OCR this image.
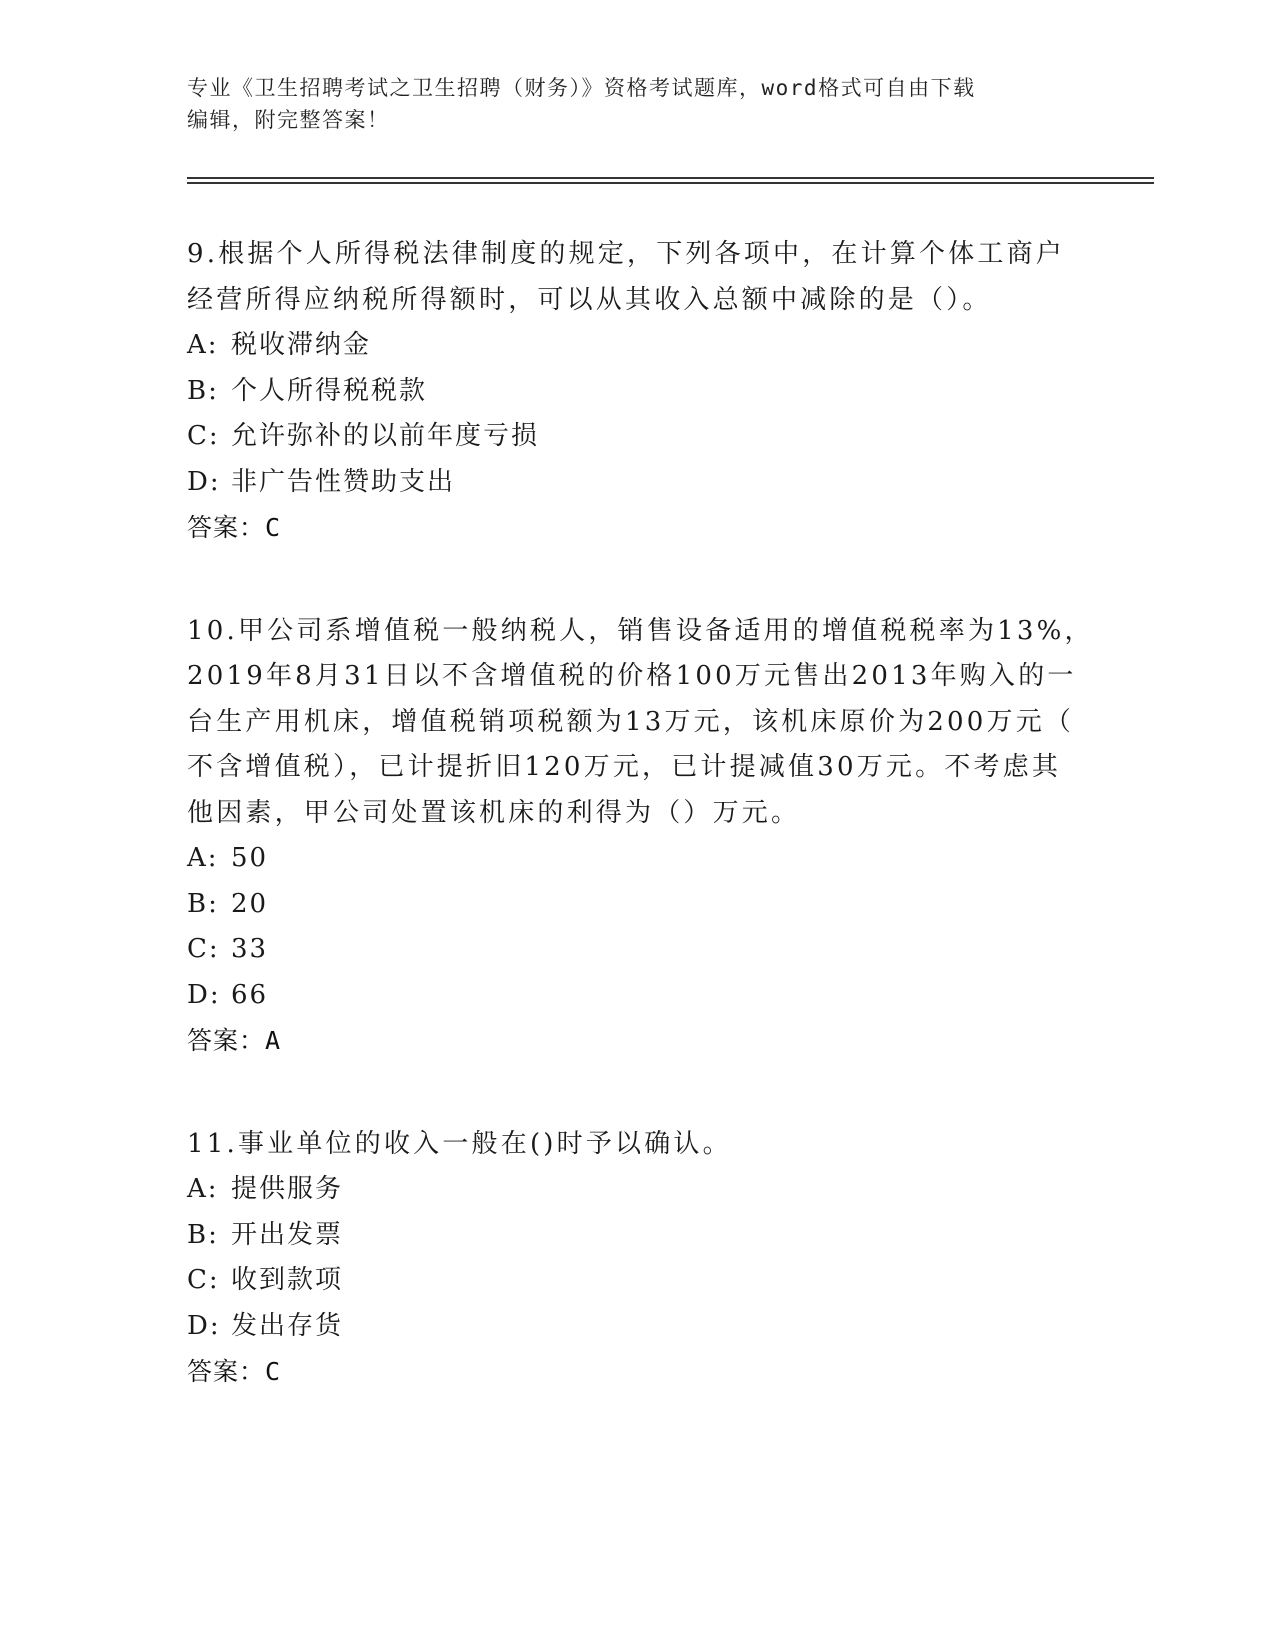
专业《卫生招聘考试之卫生招聘（财务）》资格考试题库，word格式可自由下载
编辑，附完整答案！
9.根据个人所得税法律制度的规定，下列各项中，在计算个体工商户
经营所得应纳税所得额时，可以从其收入总额中减除的是（）。
A: 税收滞纳金
B: 个人所得税税款
C: 允许弥补的以前年度亏损
D: 非广告性赞助支出
答案：C
10.甲公司系增值税一般纳税人，销售设备适用的增值税税率为13%，
2019年8月31日以不含增值税的价格100万元售出2013年购入的一
台生产用机床，增值税销项税额为13万元，该机床原价为200万元（
不含增值税），已计提折旧120万元，已计提减值30万元。不考虑其
他因素，甲公司处置该机床的利得为（）万元。
A: 50
B: 20
C: 33
D: 66
答案：A
11.事业单位的收入一般在()时予以确认。
A: 提供服务
B: 开出发票
C: 收到款项
D: 发出存货
答案：C
